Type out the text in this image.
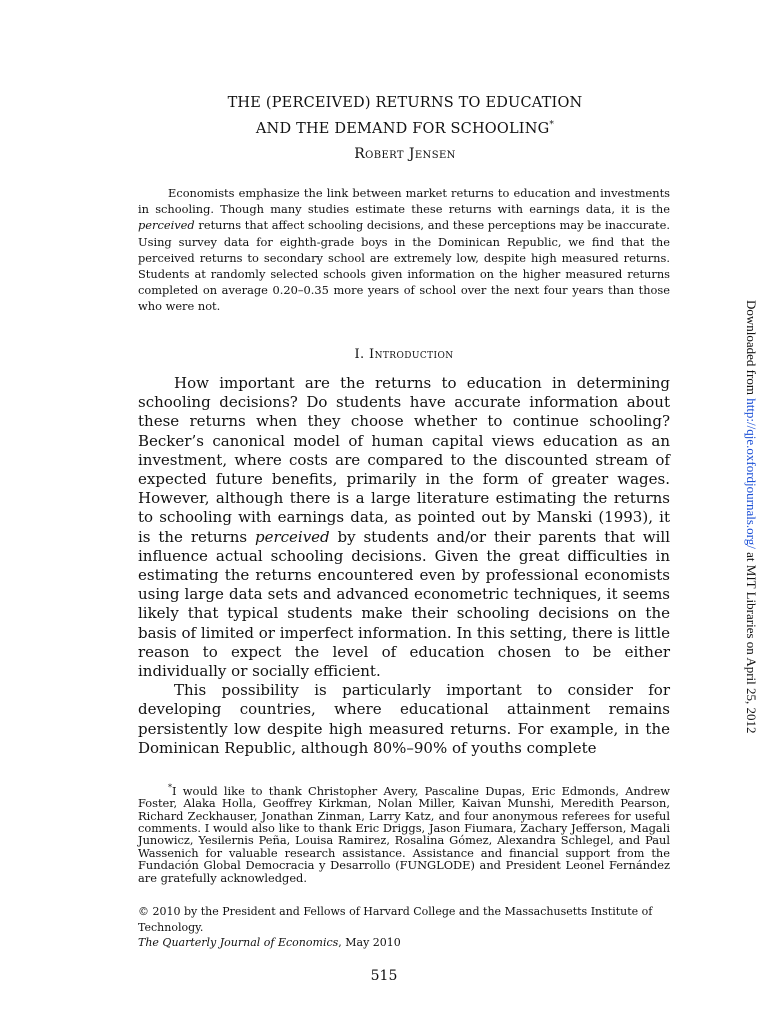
THE (PERCEIVED) RETURNS TO EDUCATION
AND THE DEMAND FOR SCHOOLING*
Robert Jensen

Economists emphasize the link between market returns to education and investments in schooling. Though many studies estimate these returns with earnings data, it is the perceived returns that affect schooling decisions, and these perceptions may be inaccurate. Using survey data for eighth-grade boys in the Dominican Republic, we find that the perceived returns to secondary school are extremely low, despite high measured returns. Students at randomly selected schools given information on the higher measured returns completed on average 0.20–0.35 more years of school over the next four years than those who were not.

I. Introduction

How important are the returns to education in determining schooling decisions? Do students have accurate information about these returns when they choose whether to continue schooling? Becker’s canonical model of human capital views education as an investment, where costs are compared to the discounted stream of expected future benefits, primarily in the form of greater wages. However, although there is a large literature estimating the returns to schooling with earnings data, as pointed out by Manski (1993), it is the returns perceived by students and/or their parents that will influence actual schooling decisions. Given the great difficulties in estimating the returns encountered even by professional economists using large data sets and advanced econometric techniques, it seems likely that typical students make their schooling decisions on the basis of limited or imperfect information. In this setting, there is little reason to expect the level of education chosen to be either individually or socially efficient.

This possibility is particularly important to consider for developing countries, where educational attainment remains persistently low despite high measured returns. For example, in the Dominican Republic, although 80%–90% of youths complete

*I would like to thank Christopher Avery, Pascaline Dupas, Eric Edmonds, Andrew Foster, Alaka Holla, Geoffrey Kirkman, Nolan Miller, Kaivan Munshi, Meredith Pearson, Richard Zeckhauser, Jonathan Zinman, Larry Katz, and four anonymous referees for useful comments. I would also like to thank Eric Driggs, Jason Fiumara, Zachary Jefferson, Magali Junowicz, Yesilernis Peña, Louisa Ramirez, Rosalina Gómez, Alexandra Schlegel, and Paul Wassenich for valuable research assistance. Assistance and financial support from the Fundación Global Democracia y Desarrollo (FUNGLODE) and President Leonel Fernández are gratefully acknowledged.

© 2010 by the President and Fellows of Harvard College and the Massachusetts Institute of Technology.
The Quarterly Journal of Economics, May 2010
515
Downloaded from http://qje.oxfordjournals.org/ at MIT Libraries on April 25, 2012
